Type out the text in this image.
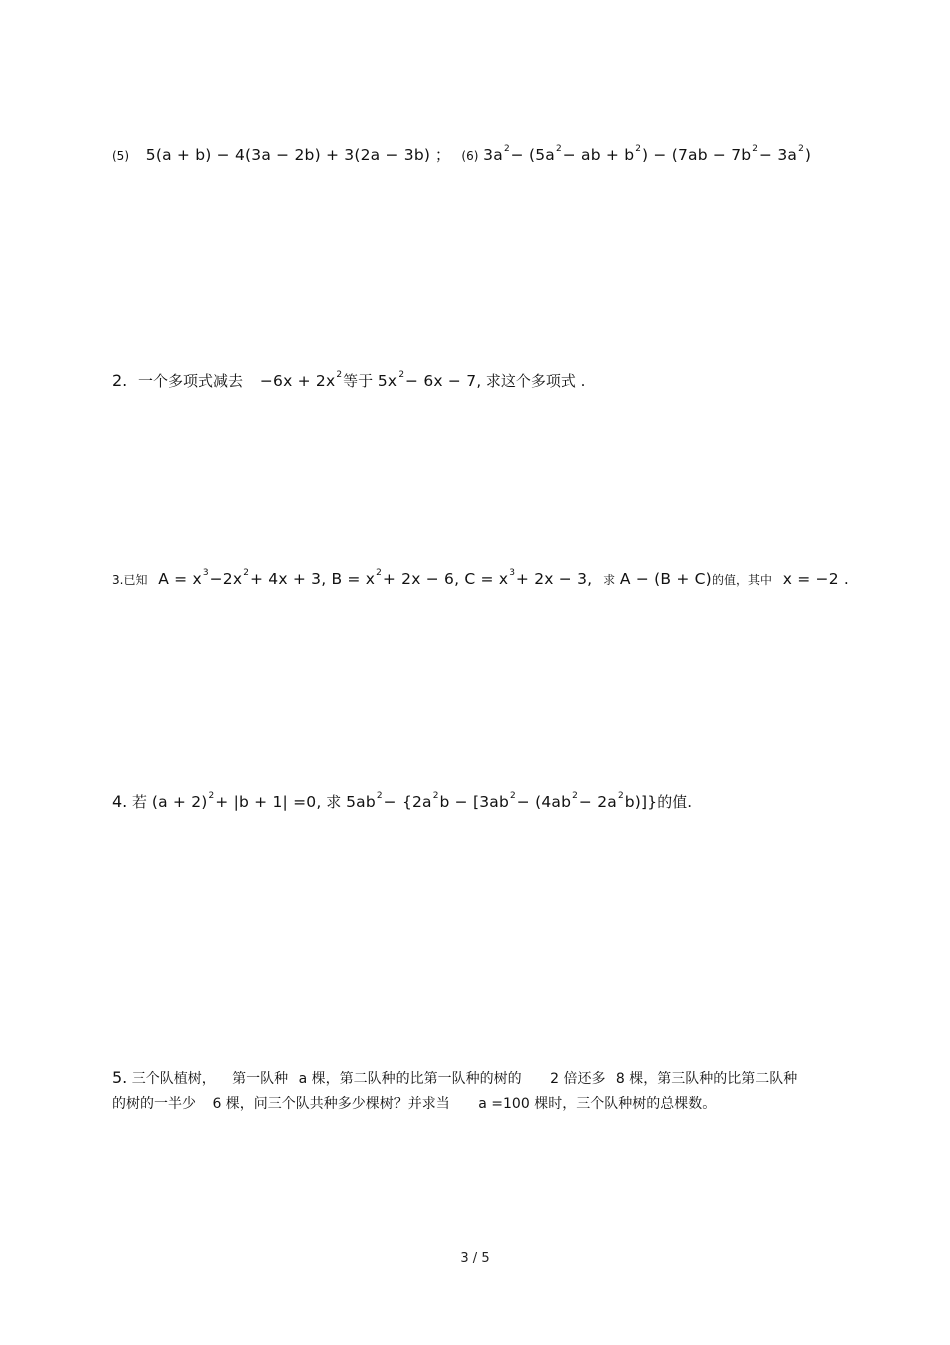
(5) 5(a + b) − 4(3a − 2b) + 3(2a − 3b) ； (6) $3a^2- (5a^2-$ ab + $b^2) - (7ab - 7b^2- 3a^2)$
2. 一个多项式减去 $-6x + 2x^2$等于 $5x^2- 6x - 7$, 求这个多项式 .
3.已知 $A = x^3-2x^2+ 4x + 3$, $B = x^2+ 2x - 6$, $C = x^3+ 2x - 3$, 求 A − (B + C)的值，其中 x = −2 .
4. 若 $(a + 2)^2+ |b + 1| =0$, 求 $5ab^2- \{2a^2b - [3ab^2- (4ab^2- 2a^2b)]\}$的值.
5. 三个队植树， 第一队种 a 棵，第二队种的比第一队种的树的 2 倍还多 8 棵，第三队种的比第二队种
的树的一半少 6 棵，问三个队共种多少棵树？并求当 a =100 棵时，三个队种树的总棵数。
3 / 5
